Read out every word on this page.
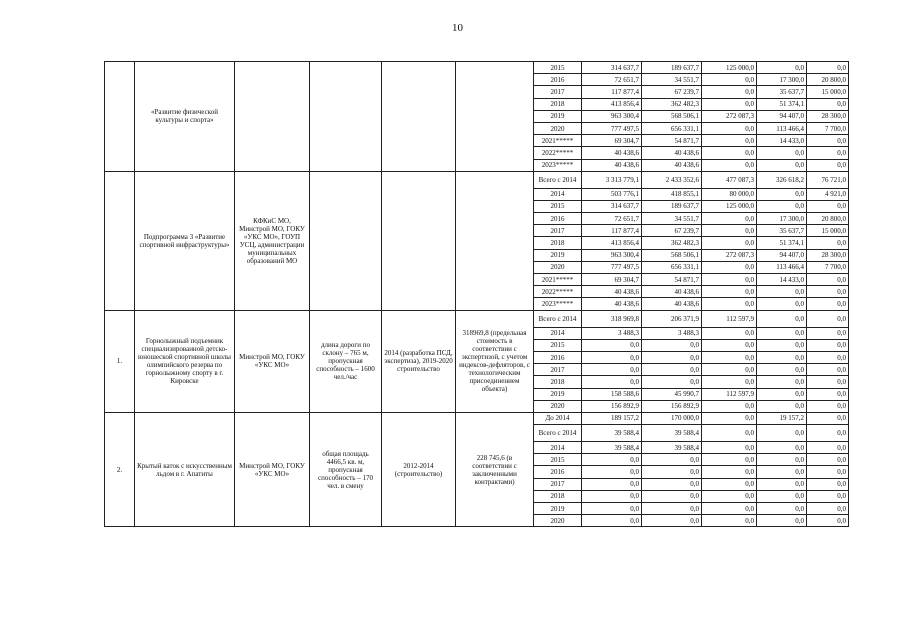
10
	«Развитие физической культуры и спорта»					2015	314 637,7	189 637,7	125 000,0	0,0	0,0
						2016	72 651,7	34 551,7	0,0	17 300,0	20 800,0
						2017	117 877,4	67 239,7	0,0	35 637,7	15 000,0
						2018	413 856,4	362 482,3	0,0	51 374,1	0,0
						2019	963 300,4	568 506,1	272 087,3	94 407,0	28 300,0
						2020	777 497,5	656 331,1	0,0	113 466,4	7 700,0
						2021*****	69 304,7	54 871,7	0,0	14 433,0	0,0
						2022*****	40 438,6	40 438,6	0,0	0,0	0,0
						2023*****	40 438,6	40 438,6	0,0	0,0	0,0
	Подпрограмма 3 «Развитие спортивной инфраструктуры»	КФКиС МО, Минстрой МО, ГОКУ «УКС МО», ГОУП УСЦ, администрации муниципальных образований МО				Всего с 2014	3 313 779,1	2 433 352,6	477 087,3	326 618,2	76 721,0
						2014	503 776,1	418 855,1	80 000,0	0,0	4 921,0
						2015	314 637,7	189 637,7	125 000,0	0,0	0,0
						2016	72 651,7	34 551,7	0,0	17 300,0	20 800,0
						2017	117 877,4	67 239,7	0,0	35 637,7	15 000,0
						2018	413 856,4	362 482,3	0,0	51 374,1	0,0
						2019	963 300,4	568 506,1	272 087,3	94 407,0	28 300,0
						2020	777 497,5	656 331,1	0,0	113 466,4	7 700,0
						2021*****	69 304,7	54 871,7	0,0	14 433,0	0,0
						2022*****	40 438,6	40 438,6	0,0	0,0	0,0
						2023*****	40 438,6	40 438,6	0,0	0,0	0,0
1.	Горнолыжный подъемник специализированной детско-юношеской спортивной школы олимпийского резерва по горнолыжному спорту в г. Кировске	Минстрой МО, ГОКУ «УКС МО»	длина дороги по склону – 765 м, пропускная способность – 1600 чел./час	2014 (разработка ПСД, экспертиза), 2019-2020 строительство	318969,8 (предельная стоимость в соответствии с экспертизой, с учетом индексов-дефляторов, с технологическим присоединением объекта)	Всего с 2014	318 969,8	206 371,9	112 597,9	0,0	0,0
						2014	3 488,3	3 488,3	0,0	0,0	0,0
						2015	0,0	0,0	0,0	0,0	0,0
						2016	0,0	0,0	0,0	0,0	0,0
						2017	0,0	0,0	0,0	0,0	0,0
						2018	0,0	0,0	0,0	0,0	0,0
						2019	158 588,6	45 990,7	112 597,9	0,0	0,0
						2020	156 892,9	156 892,9	0,0	0,0	0,0
2.	Крытый каток с искусственным льдом в г. Апатиты	Минстрой МО, ГОКУ «УКС МО»	общая площадь 4466,5 кв. м, пропускная способность – 170 чел. в смену	2012-2014 (строительство)	228 745,6 (в соответствии с заключенными контрактами)	До 2014	189 157,2	170 000,0	0,0	19 157,2	0,0
						Всего с 2014	39 588,4	39 588,4	0,0	0,0	0,0
						2014	39 588,4	39 588,4	0,0	0,0	0,0
						2015	0,0	0,0	0,0	0,0	0,0
						2016	0,0	0,0	0,0	0,0	0,0
						2017	0,0	0,0	0,0	0,0	0,0
						2018	0,0	0,0	0,0	0,0	0,0
						2019	0,0	0,0	0,0	0,0	0,0
						2020	0,0	0,0	0,0	0,0	0,0
